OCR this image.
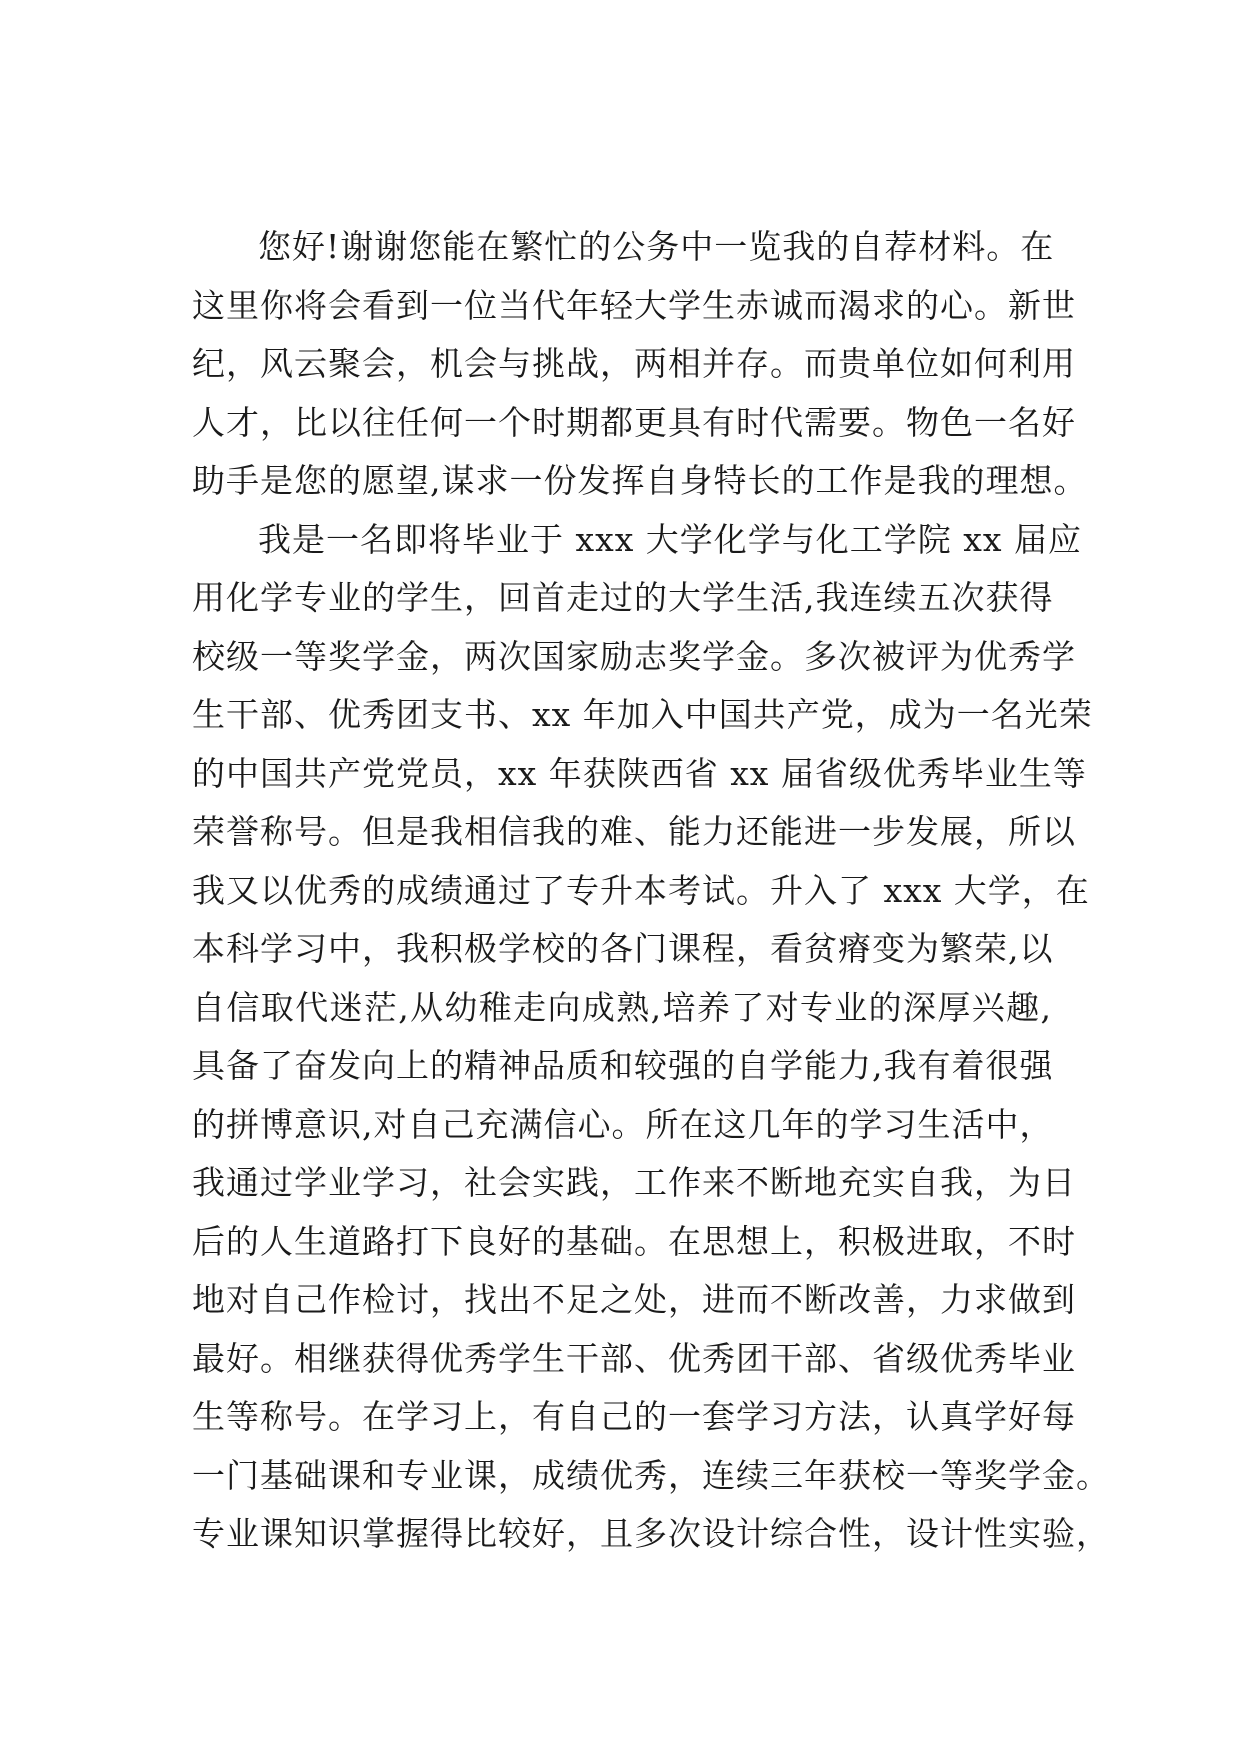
您好!谢谢您能在繁忙的公务中一览我的自荐材料。在
这里你将会看到一位当代年轻大学生赤诚而渴求的心。新世
纪，风云聚会，机会与挑战，两相并存。而贵单位如何利用
人才，比以往任何一个时期都更具有时代需要。物色一名好
助手是您的愿望,谋求一份发挥自身特长的工作是我的理想。
我是一名即将毕业于 xxx 大学化学与化工学院 xx 届应
用化学专业的学生，回首走过的大学生活,我连续五次获得
校级一等奖学金，两次国家励志奖学金。多次被评为优秀学
生干部、优秀团支书、xx 年加入中国共产党，成为一名光荣
的中国共产党党员，xx 年获陕西省 xx 届省级优秀毕业生等
荣誉称号。但是我相信我的难、能力还能进一步发展，所以
我又以优秀的成绩通过了专升本考试。升入了 xxx 大学，在
本科学习中，我积极学校的各门课程，看贫瘠变为繁荣,以
自信取代迷茫,从幼稚走向成熟,培养了对专业的深厚兴趣,
具备了奋发向上的精神品质和较强的自学能力,我有着很强
的拼博意识,对自己充满信心。所在这几年的学习生活中，
我通过学业学习，社会实践，工作来不断地充实自我，为日
后的人生道路打下良好的基础。在思想上，积极进取，不时
地对自己作检讨，找出不足之处，进而不断改善，力求做到
最好。相继获得优秀学生干部、优秀团干部、省级优秀毕业
生等称号。在学习上，有自己的一套学习方法，认真学好每
一门基础课和专业课，成绩优秀，连续三年获校一等奖学金。
专业课知识掌握得比较好，且多次设计综合性，设计性实验，
